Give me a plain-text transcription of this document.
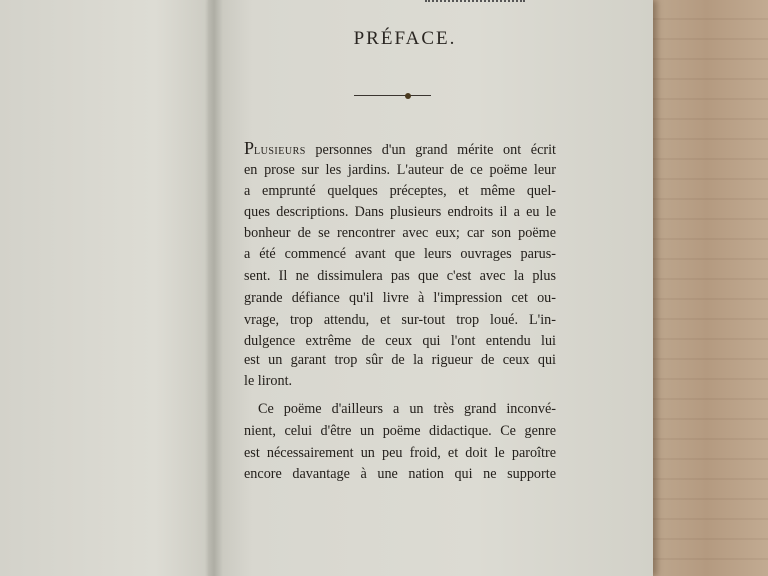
PRÉFACE.
PLUSIEURS personnes d'un grand mérite ont écrit
en prose sur les jardins. L'auteur de ce poëme leur
a emprunté quelques préceptes, et même quel-
ques descriptions. Dans plusieurs endroits il a eu le
bonheur de se rencontrer avec eux; car son poëme
a été commencé avant que leurs ouvrages parus-
sent. Il ne dissimulera pas que c'est avec la plus
grande défiance qu'il livre à l'impression cet ou-
vrage, trop attendu, et sur-tout trop loué. L'in-
dulgence extrême de ceux qui l'ont entendu lui
est un garant trop sûr de la rigueur de ceux qui
le liront.
Ce poëme d'ailleurs a un très grand inconvé-
nient, celui d'être un poëme didactique. Ce genre
est nécessairement un peu froid, et doit le paroître
encore davantage à une nation qui ne supporte
